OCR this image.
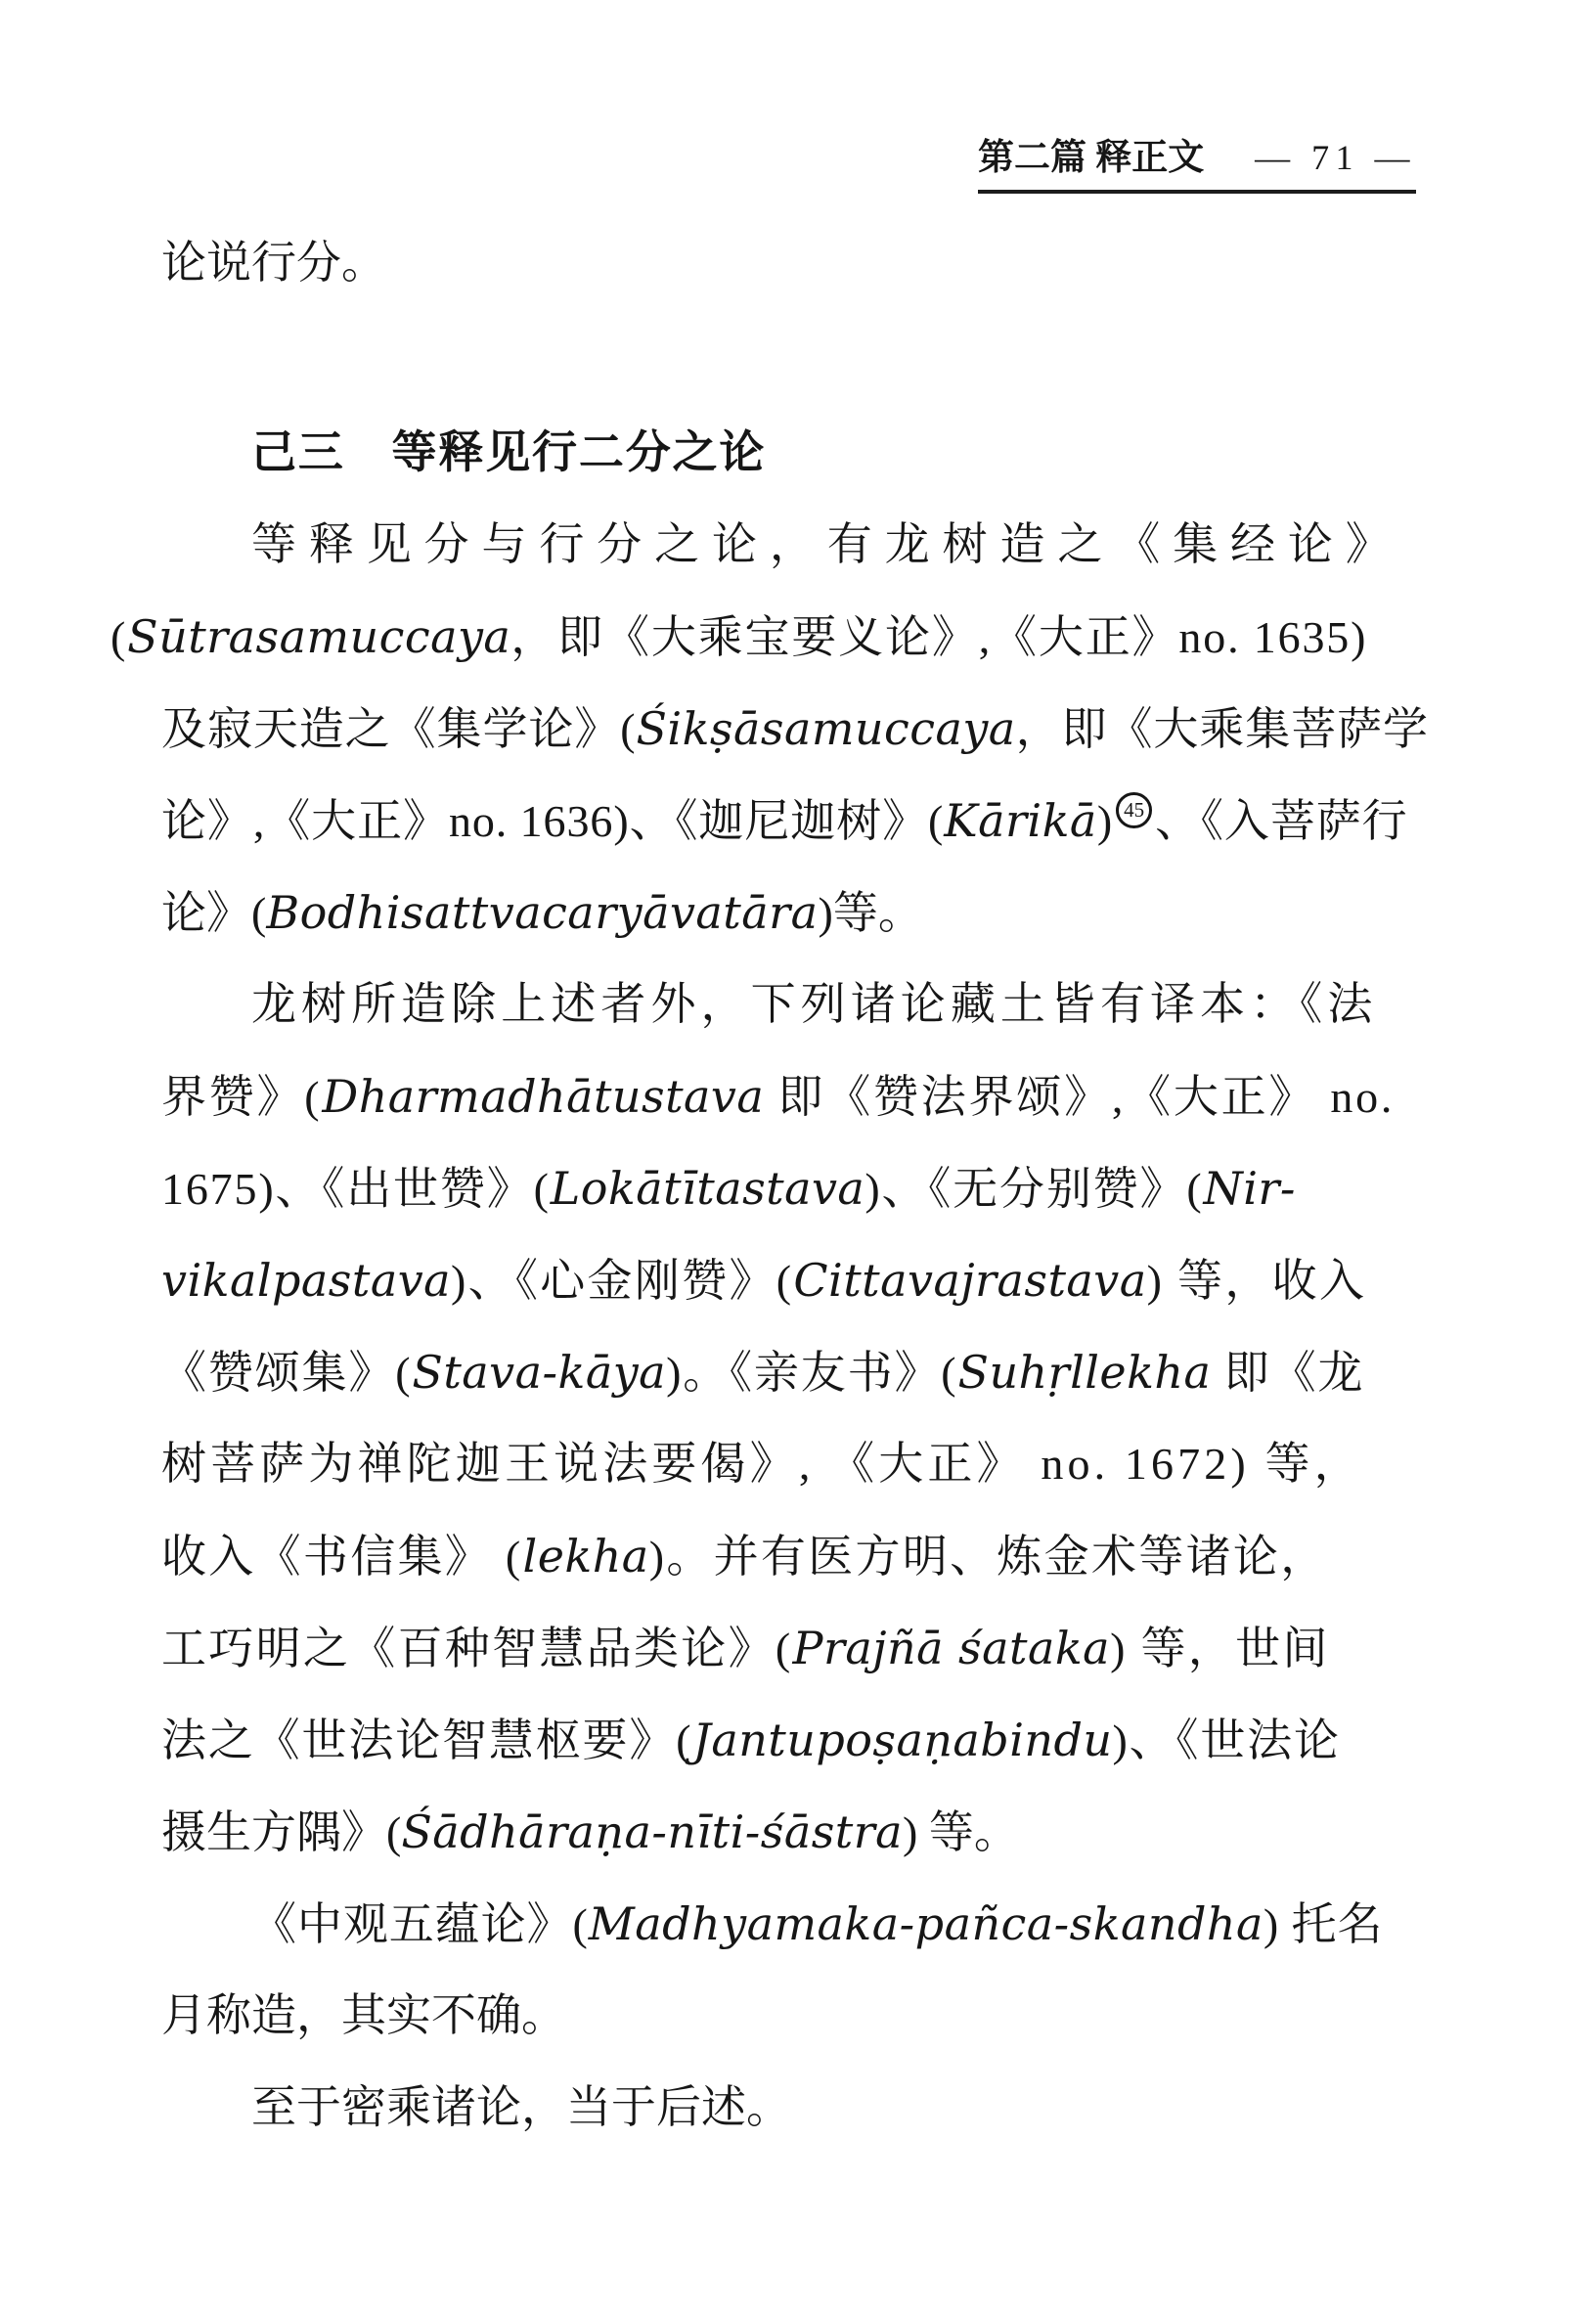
第二篇 释正文 — 71 —
论说行分。
己三　等释见行二分之论
等释见分与行分之论，有龙树造之《集经论》
(Sūtrasamuccaya，即《大乘宝要义论》,《大正》no. 1635)
及寂天造之《集学论》(Śikṣāsamuccaya，即《大乘集菩萨学
论》,《大正》no. 1636)、《迦尼迦树》(Kārikā) 45 、《入菩萨行
论》(Bodhisattvacaryāvatāra)等。
龙树所造除上述者外，下列诸论藏土皆有译本：《法
界赞》(Dharmadhātustava 即《赞法界颂》,《大正》 no.
1675)、《出世赞》(Lokātītastava)、《无分别赞》(Nir-
vikalpastava)、《心金刚赞》(Cittavajrastava) 等，收入
《赞颂集》(Stava-kāya)。《亲友书》(Suhṛllekha 即《龙
树菩萨为禅陀迦王说法要偈》, 《大正》 no. 1672) 等，
收入《书信集》 (lekha)。并有医方明、炼金术等诸论，
工巧明之《百种智慧品类论》(Prajñā śataka) 等，世间
法之《世法论智慧枢要》(Jantupoṣaṇabindu)、《世法论
摄生方隅》(Śādhāraṇa-nīti-śāstra) 等。
《中观五蕴论》(Madhyamaka-pañca-skandha) 托名
月称造，其实不确。
至于密乘诸论，当于后述。
